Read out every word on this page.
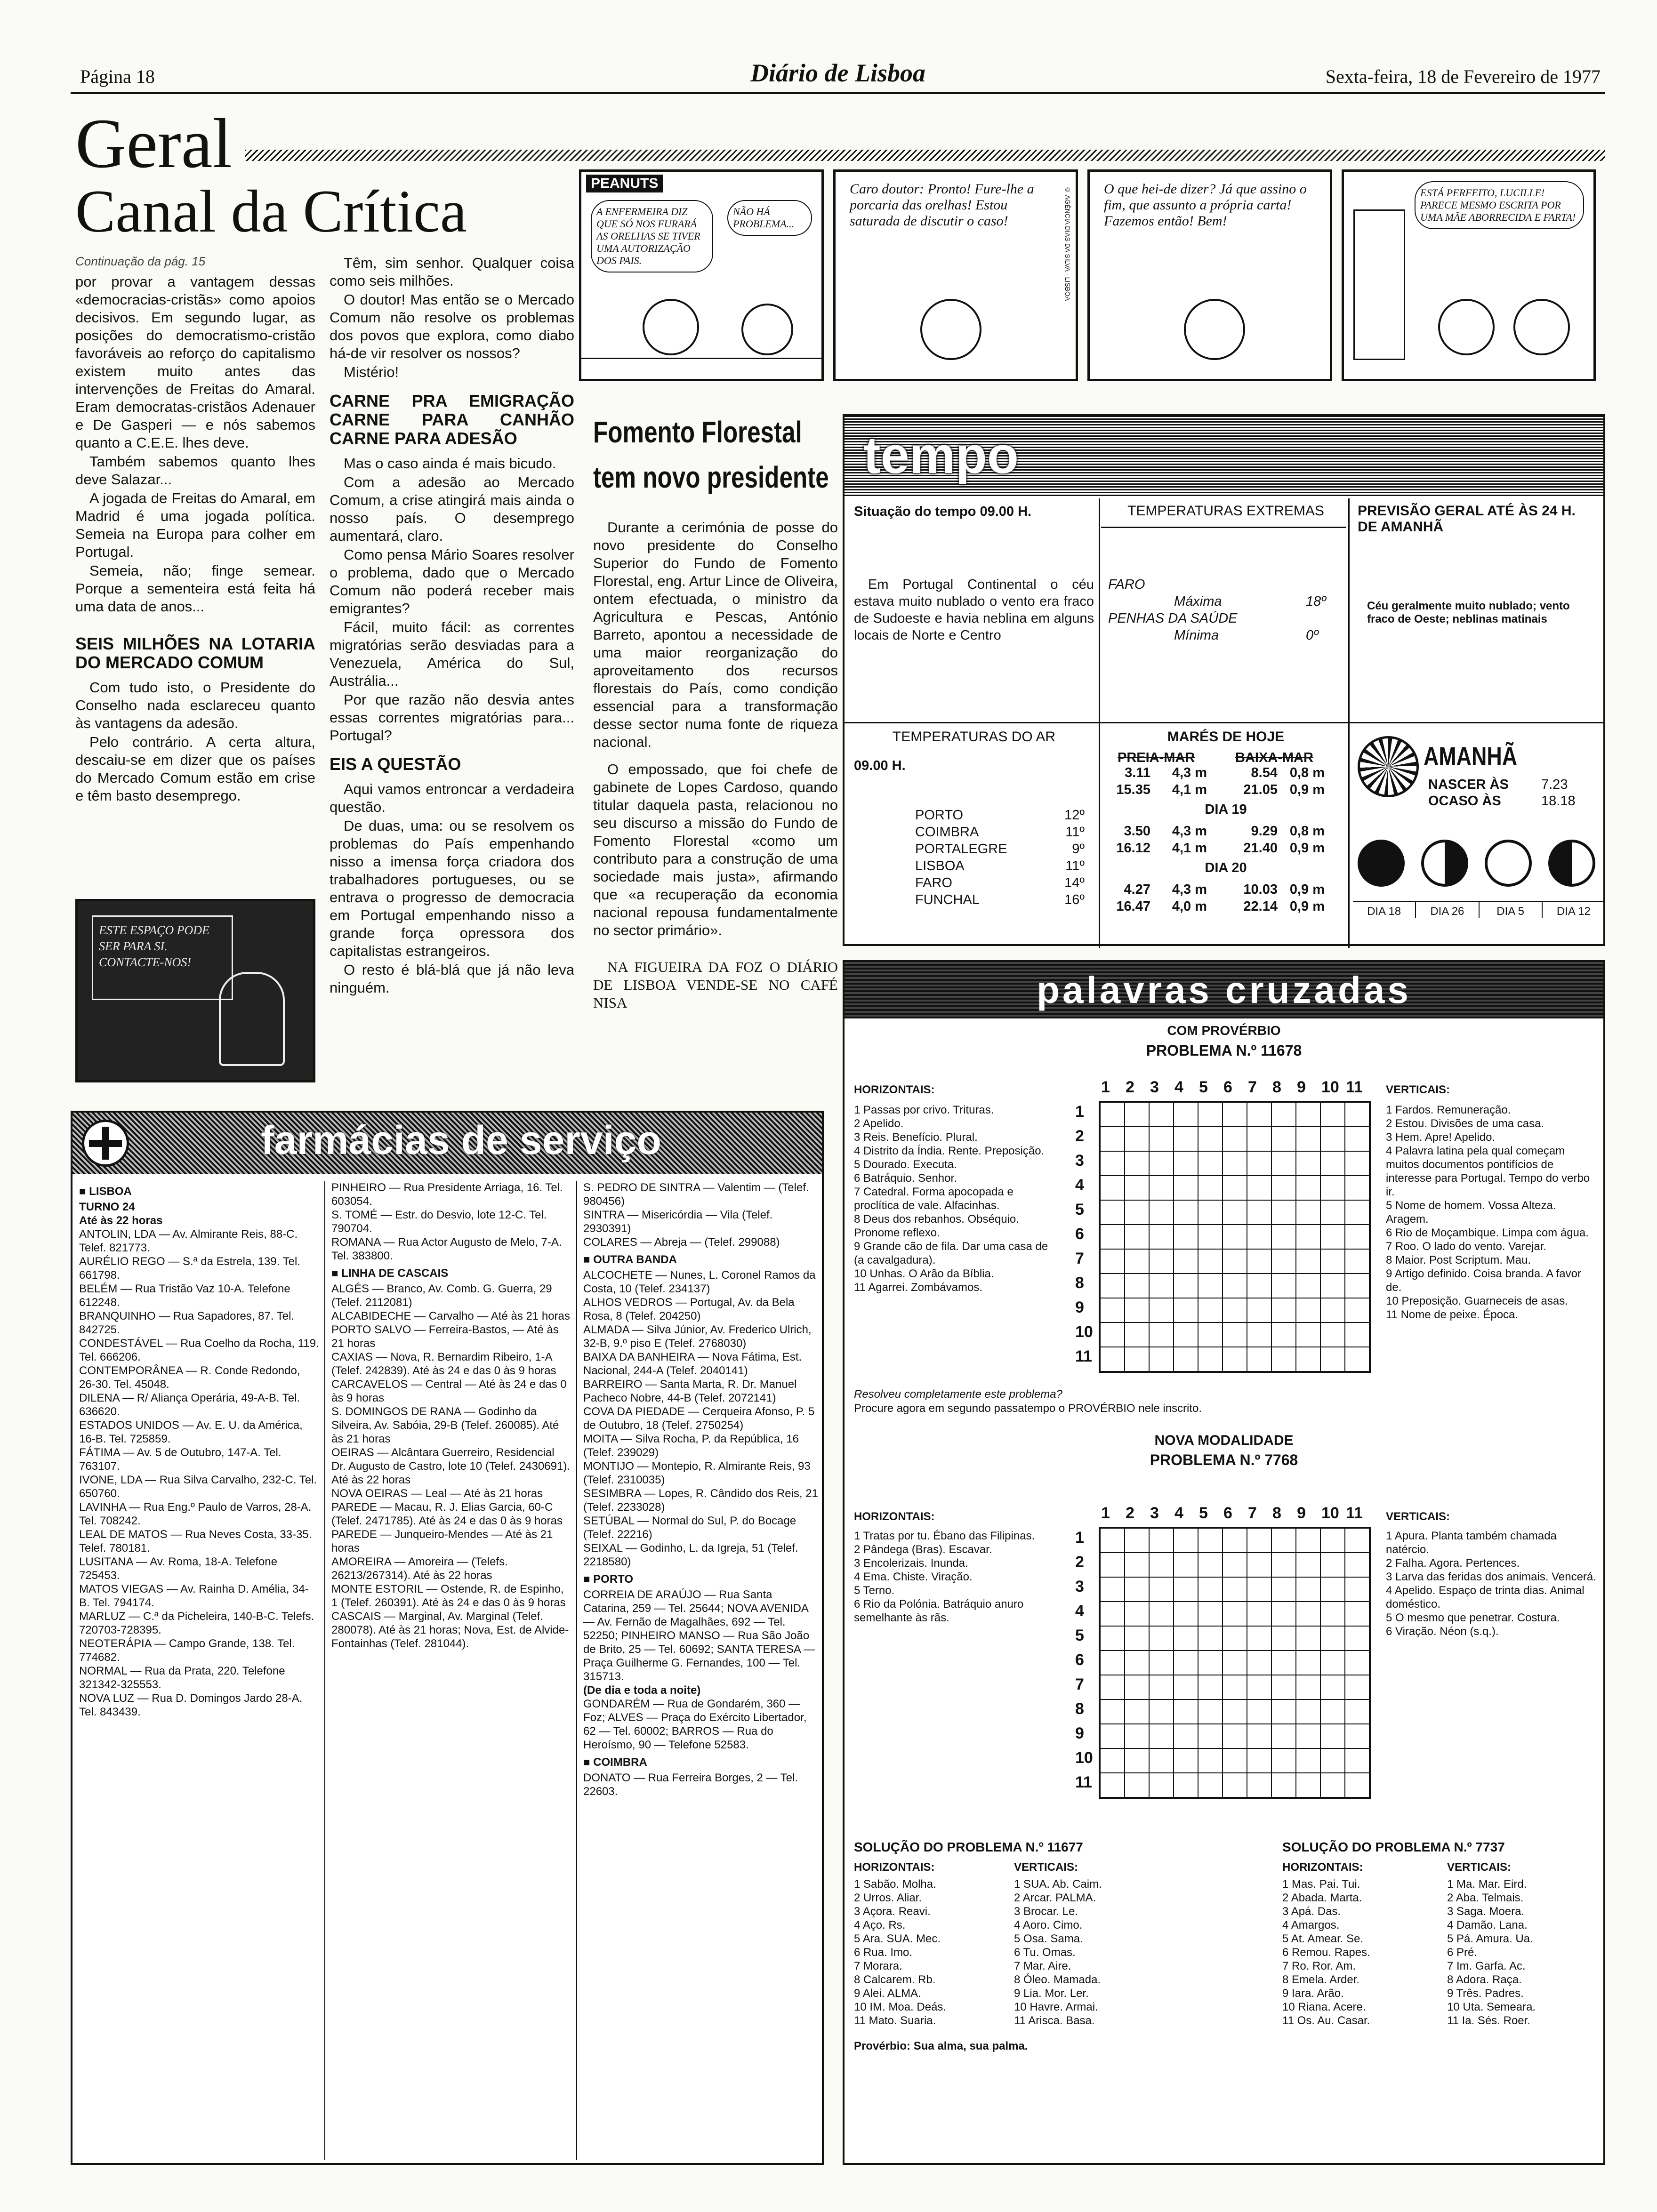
Página 18	Diário de Lisboa	Sexta-feira, 18 de Fevereiro de 1977
Geral
Canal da Crítica
Continuação da pág. 15

por provar a vantagem dessas «democracias-cristãs» como apoios decisivos. Em segundo lugar, as posições do democratismo-cristão favoráveis ao reforço do capitalismo existem muito antes das intervenções de Freitas do Amaral. Eram democratas-cristãos Adenauer e De Gasperi — e nós sabemos quanto a C.E.E. lhes deve.

Também sabemos quanto lhes deve Salazar...

A jogada de Freitas do Amaral, em Madrid é uma jogada política. Semeia na Europa para colher em Portugal.

Semeia, não; finge semear. Porque a sementeira está feita há uma data de anos...

SEIS MILHÕES NA LOTARIA DO MERCADO COMUM

Com tudo isto, o Presidente do Conselho nada esclareceu quanto às vantagens da adesão.

Pelo contrário. A certa altura, descaiu-se em dizer que os países do Mercado Comum estão em crise e têm basto desemprego.

ESTE ESPAÇO PODE SER PARA SI. CONTACTE-NOS!

Têm, sim senhor. Qualquer coisa como seis milhões.

O doutor! Mas então se o Mercado Comum não resolve os problemas dos povos que explora, como diabo há-de vir resolver os nossos?

Mistério!

CARNE PRA EMIGRAÇÃO CARNE PARA CANHÃO CARNE PARA ADESÃO

Mas o caso ainda é mais bicudo.

Com a adesão ao Mercado Comum, a crise atingirá mais ainda o nosso país. O desemprego aumentará, claro.

Como pensa Mário Soares resolver o problema, dado que o Mercado Comum não poderá receber mais emigrantes?

Fácil, muito fácil: as correntes migratórias serão desviadas para a Venezuela, América do Sul, Austrália...

Por que razão não desvia antes essas correntes migratórias para... Portugal?

EIS A QUESTÃO

Aqui vamos entroncar a verdadeira questão.

De duas, uma: ou se resolvem os problemas do País empenhando nisso a imensa força criadora dos trabalhadores portugueses, ou se entrava o progresso de democracia em Portugal empenhando nisso a grande força opressora dos capitalistas estrangeiros.

O resto é blá-blá que já não leva ninguém.

PEANUTS
A ENFERMEIRA DIZ QUE SÓ NOS FURARÁ AS ORELHAS SE TIVER UMA AUTORIZAÇÃO DOS PAIS.
NÃO HÁ PROBLEMA...
Caro doutor: Pronto! Fure-lhe a porcaria das orelhas! Estou saturada de discutir o caso!	© AGÊNCIA DIAS DA SILVA - LISBOA O que hei-de dizer? Já que assino o fim, que assunto a própria carta! Fazemos então! Bem!
ESTÁ PERFEITO, LUCILLE! PARECE MESMO ESCRITA POR UMA MÃE ABORRECIDA E FARTA!
Fomento Florestal tem novo presidente

Durante a cerimónia de posse do novo presidente do Conselho Superior do Fundo de Fomento Florestal, eng. Artur Lince de Oliveira, ontem efectuada, o ministro da Agricultura e Pescas, António Barreto, apontou a necessidade de uma maior reorganização do aproveitamento dos recursos florestais do País, como condição essencial para a transformação desse sector numa fonte de riqueza nacional.

O empossado, que foi chefe de gabinete de Lopes Cardoso, quando titular daquela pasta, relacionou no seu discurso a missão do Fundo de Fomento Florestal «como um contributo para a construção de uma sociedade mais justa», afirmando que «a recuperação da economia nacional repousa fundamentalmente no sector primário».

NA FIGUEIRA DA FOZ O DIÁRIO DE LISBOA VENDE-SE NO CAFÉ NISA

tempo
Situação do tempo 09.00 H.
Em Portugal Continental o céu estava muito nublado o vento era fraco de Sudoeste e havia neblina em alguns locais de Norte e Centro
TEMPERATURAS EXTREMAS
FARO
Máxima	18º
PENHAS DA SAÚDE
Mínima	0º
PREVISÃO GERAL ATÉ ÀS 24 H. DE AMANHÃ
Céu geralmente muito nublado; vento fraco de Oeste; neblinas matinais
TEMPERATURAS DO AR
09.00 H.
PORTO	12º
COIMBRA	11º
PORTALEGRE	9º
LISBOA	11º
FARO	14º
FUNCHAL	16º
MARÉS DE HOJE
PREIA-MAR	BAIXA-MAR
3.11	4,3 m	8.54 0,8 m
15.35	4,1 m	21.05 0,9 m
DIA 19
3.50	4,3 m	9.29 0,8 m
16.12	4,1 m	21.40 0,9 m
DIA 20
4.27	4,3 m	10.03 0,9 m
16.47	4,0 m	22.14 0,9 m
AMANHÃ
NASCER ÀS 7.23
OCASO ÀS	18.18
DIA 18	DIA 26	DIA 5	DIA 12
palavras cruzadas
COM PROVÉRBIO
PROBLEMA N.º 11678
HORIZONTAIS:
1 Passas por crivo. Trituras.
2 Apelido.
3 Reis. Benefício. Plural.
4 Distrito da Índia. Rente. Preposição.
5 Dourado. Executa.
6 Batráquio. Senhor.
7 Catedral. Forma apocopada e proclítica de vale. Alfacinhas.
8 Deus dos rebanhos. Obséquio. Pronome reflexo.
9 Grande cão de fila. Dar uma casa de (a cavalgadura).
10 Unhas. O Arão da Bíblia.
11 Agarrei. Zombávamos.
VERTICAIS:
1 Fardos. Remuneração.
2 Estou. Divisões de uma casa.
3 Hem. Apre! Apelido.
4 Palavra latina pela qual começam muitos documentos pontifícios de interesse para Portugal. Tempo do verbo ir.
5 Nome de homem. Vossa Alteza. Aragem.
6 Rio de Moçambique. Limpa com água.
7 Roo. O lado do vento. Varejar.
8 Maior. Post Scriptum. Mau.
9 Artigo definido. Coisa branda. A favor de.
10 Preposição. Guarneceis de asas.
11 Nome de peixe. Época.
1
1
2
2
3
3
4
4
5
5
6
6
7
7
8
8
9
9
10
10
11
11
Resolveu completamente este problema?
Procure agora em segundo passatempo o PROVÉRBIO nele inscrito.
NOVA MODALIDADE
PROBLEMA N.º 7768
HORIZONTAIS:
1 Tratas por tu. Ébano das Filipinas.
2 Pândega (Bras). Escavar.
3 Encolerizais. Inunda.
4 Ema. Chiste. Viração.
5 Terno.
6 Rio da Polónia. Batráquio anuro semelhante às rãs.
VERTICAIS:
1 Apura. Planta também chamada natércio.
2 Falha. Agora. Pertences.
3 Larva das feridas dos animais. Vencerá.
4 Apelido. Espaço de trinta dias. Animal doméstico.
5 O mesmo que penetrar. Costura.
6 Viração. Néon (s.q.).
1
1
2
2
3
3
4
4
5
5
6
6
7
7
8
8
9
9
10
10
11
11
SOLUÇÃO DO PROBLEMA N.º 11677
HORIZONTAIS:
1 Sabão. Molha.
2 Urros. Aliar.
3 Açora. Reavi.
4 Aço. Rs.
5 Ara. SUA. Mec.
6 Rua. Imo.
7 Morara.
8 Calcarem. Rb.
9 Alei. ALMA.
10 IM. Moa. Deás.
11 Mato. Suaria.
VERTICAIS:
1 SUA. Ab. Caim.
2 Arcar. PALMA.
3 Brocar. Le.
4 Aoro. Cimo.
5 Osa. Sama.
6 Tu. Omas.
7 Mar. Aire.
8 Óleo. Mamada.
9 Lia. Mor. Ler.
10 Havre. Armai.
11 Arisca. Basa.
SOLUÇÃO DO PROBLEMA N.º 7737
HORIZONTAIS:
1 Mas. Pai. Tui.
2 Abada. Marta.
3 Apá. Das.
4 Amargos.
5 At. Amear. Se.
6 Remou. Rapes.
7 Ro. Ror. Am.
8 Emela. Arder.
9 Iara. Arão.
10 Riana. Acere.
11 Os. Au. Casar.
VERTICAIS:
1 Ma. Mar. Eird.
2 Aba. Telmais.
3 Saga. Moera.
4 Damão. Lana.
5 Pá. Amura. Ua.
6 Pré.
7 Im. Garfa. Ac.
8 Adora. Raça.
9 Três. Padres.
10 Uta. Semeara.
11 Ia. Sés. Roer.
Provérbio: Sua alma, sua palma.
farmácias de serviço
■ LISBOA
TURNO 24
Até às 22 horas
ANTOLIN, LDA — Av. Almirante Reis, 88-C. Telef. 821773.
AURÉLIO REGO — S.ª da Estrela, 139. Tel. 661798.
BELÉM — Rua Tristão Vaz 10-A. Telefone 612248.
BRANQUINHO — Rua Sapadores, 87. Tel. 842725.
CONDESTÁVEL — Rua Coelho da Rocha, 119. Tel. 666206.
CONTEMPORÂNEA — R. Conde Redondo, 26-30. Tel. 45048.
DILENA — R/ Aliança Operária, 49-A-B. Tel. 636620.
ESTADOS UNIDOS — Av. E. U. da América, 16-B. Tel. 725859.
FÁTIMA — Av. 5 de Outubro, 147-A. Tel. 763107.
IVONE, LDA — Rua Silva Carvalho, 232-C. Tel. 650760.
LAVINHA — Rua Eng.º Paulo de Varros, 28-A. Tel. 708242.
LEAL DE MATOS — Rua Neves Costa, 33-35. Telef. 780181.
LUSITANA — Av. Roma, 18-A. Telefone 725453.
MATOS VIEGAS — Av. Rainha D. Amélia, 34-B. Tel. 794174.
MARLUZ — C.ª da Picheleira, 140-B-C. Telefs. 720703-728395.
NEOTERÁPIA — Campo Grande, 138. Tel. 774682.
NORMAL — Rua da Prata, 220. Telefone 321342-325553.
NOVA LUZ — Rua D. Domingos Jardo 28-A. Tel. 843439.
PINHEIRO — Rua Presidente Arriaga, 16. Tel. 603054.
S. TOMÉ — Estr. do Desvio, lote 12-C. Tel. 790704.
ROMANA — Rua Actor Augusto de Melo, 7-A. Tel. 383800.
■ LINHA DE CASCAIS
ALGÉS — Branco, Av. Comb. G. Guerra, 29 (Telef. 2112081)
ALCABIDECHE — Carvalho — Até às 21 horas
PORTO SALVO — Ferreira-Bastos, — Até às 21 horas
CAXIAS — Nova, R. Bernardim Ribeiro, 1-A (Telef. 242839). Até às 24 e das 0 às 9 horas
CARCAVELOS — Central — Até às 24 e das 0 às 9 horas
S. DOMINGOS DE RANA — Godinho da Silveira, Av. Sabóia, 29-B (Telef. 260085). Até às 21 horas
OEIRAS — Alcântara Guerreiro, Residencial Dr. Augusto de Castro, lote 10 (Telef. 2430691). Até às 22 horas
NOVA OEIRAS — Leal — Até às 21 horas
PAREDE — Macau, R. J. Elias Garcia, 60-C (Telef. 2471785). Até às 24 e das 0 às 9 horas
PAREDE — Junqueiro-Mendes — Até às 21 horas
AMOREIRA — Amoreira — (Telefs. 26213/267314). Até às 22 horas
MONTE ESTORIL — Ostende, R. de Espinho, 1 (Telef. 260391). Até às 24 e das 0 às 9 horas
CASCAIS — Marginal, Av. Marginal (Telef. 280078). Até às 21 horas; Nova, Est. de Alvide-Fontainhas (Telef. 281044).
S. PEDRO DE SINTRA — Valentim — (Telef. 980456)
SINTRA — Misericórdia — Vila (Telef. 2930391)
COLARES — Abreja — (Telef. 299088)
■ OUTRA BANDA
ALCOCHETE — Nunes, L. Coronel Ramos da Costa, 10 (Telef. 234137)
ALHOS VEDROS — Portugal, Av. da Bela Rosa, 8 (Telef. 204250)
ALMADA — Silva Júnior, Av. Frederico Ulrich, 32-B, 9.º piso E (Telef. 2768030)
BAIXA DA BANHEIRA — Nova Fátima, Est. Nacional, 244-A (Telef. 2040141)
BARREIRO — Santa Marta, R. Dr. Manuel Pacheco Nobre, 44-B (Telef. 2072141)
COVA DA PIEDADE — Cerqueira Afonso, P. 5 de Outubro, 18 (Telef. 2750254)
MOITA — Silva Rocha, P. da República, 16 (Telef. 239029)
MONTIJO — Montepio, R. Almirante Reis, 93 (Telef. 2310035)
SESIMBRA — Lopes, R. Cândido dos Reis, 21 (Telef. 2233028)
SETÚBAL — Normal do Sul, P. do Bocage (Telef. 22216)
SEIXAL — Godinho, L. da Igreja, 51 (Telef. 2218580)
■ PORTO
CORREIA DE ARAÚJO — Rua Santa Catarina, 259 — Tel. 25644; NOVA AVENIDA — Av. Fernão de Magalhães, 692 — Tel. 52250; PINHEIRO MANSO — Rua São João de Brito, 25 — Tel. 60692; SANTA TERESA — Praça Guilherme G. Fernandes, 100 — Tel. 315713.
(De dia e toda a noite)
GONDARÉM — Rua de Gondarém, 360 — Foz; ALVES — Praça do Exército Libertador, 62 — Tel. 60002; BARROS — Rua do Heroísmo, 90 — Telefone 52583.
■ COIMBRA
DONATO — Rua Ferreira Borges, 2 — Tel. 22603.
